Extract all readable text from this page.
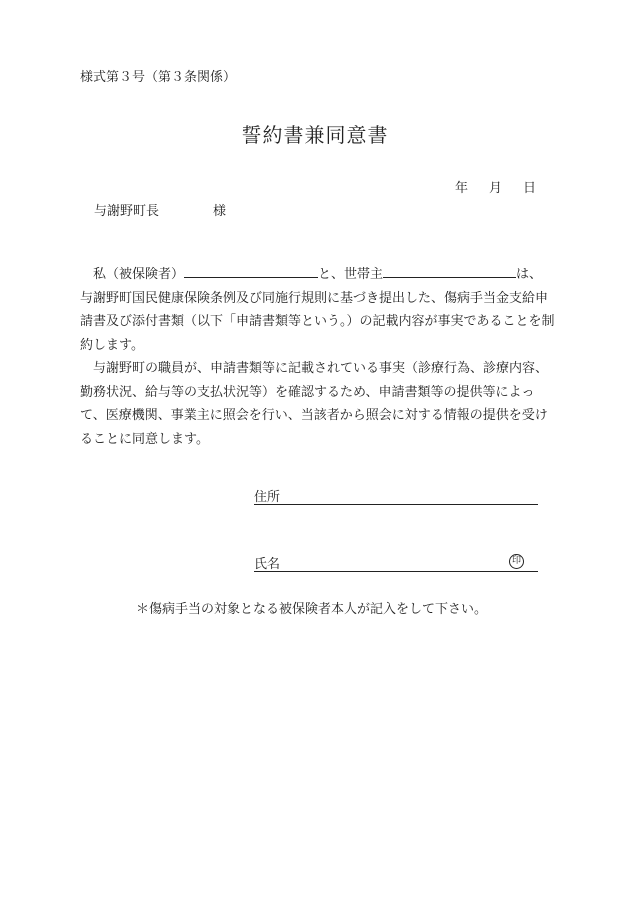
様式第３号（第３条関係）
誓約書兼同意書
年 月 日
与謝野町長	様

　私（被保険者）	と、世帯主	は、与謝野町国民健康保険条例及び同施行規則に基づき提出した、傷病手当金支給申請書及び添付書類（以下「申請書類等という。）の記載内容が事実であることを制約します。

　与謝野町の職員が、申請書類等に記載されている事実（診療行為、診療内容、勤務状況、給与等の支払状況等）を確認するため、申請書類等の提供等によって、医療機関、事業主に照会を行い、当該者から照会に対する情報の提供を受けることに同意します。

住所
氏名	印
＊傷病手当の対象となる被保険者本人が記入をして下さい。
